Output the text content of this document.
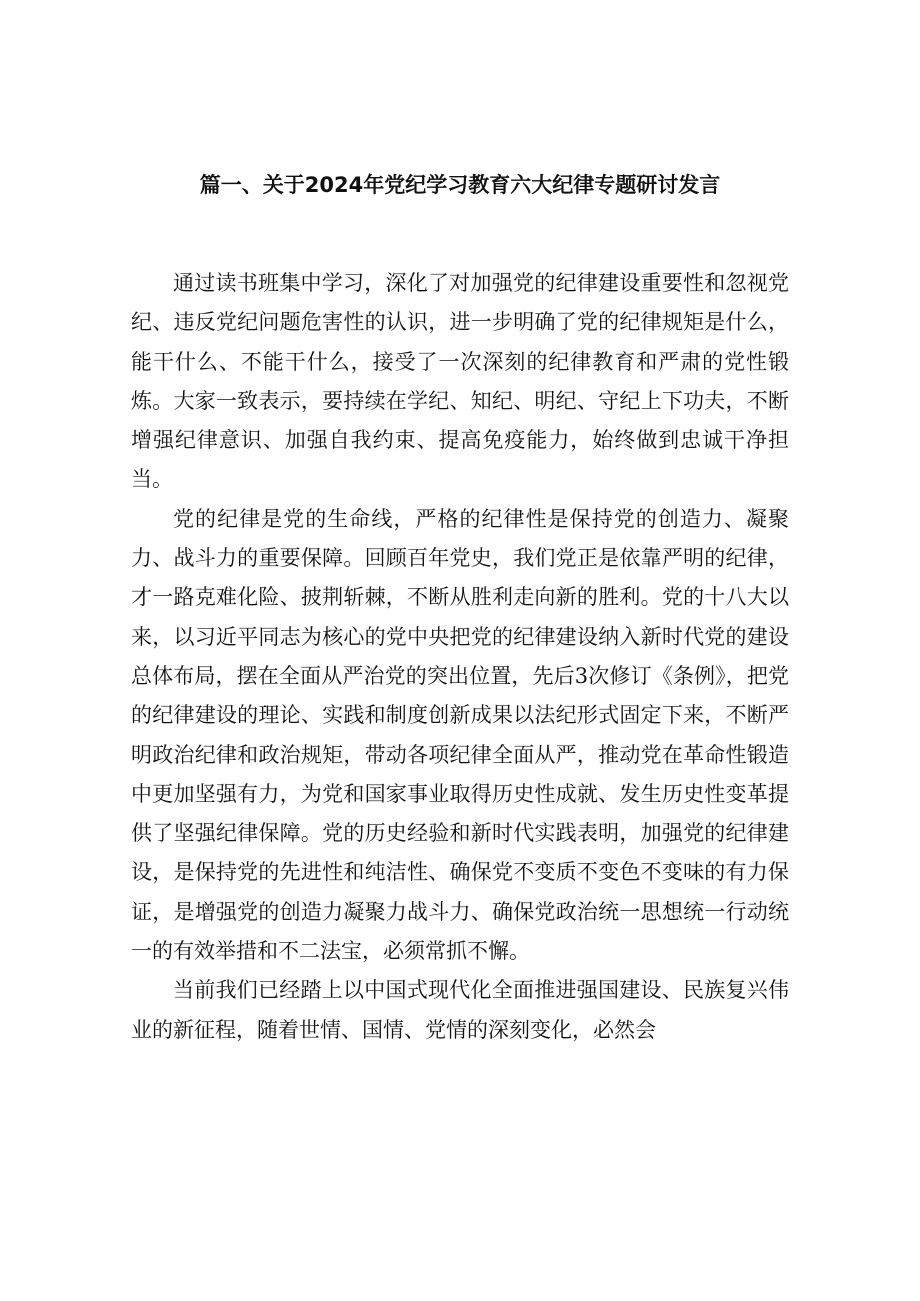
篇一、关于2024年党纪学习教育六大纪律专题研讨发言

通过读书班集中学习，深化了对加强党的纪律建设重要性和忽视党纪、违反党纪问题危害性的认识，进一步明确了党的纪律规矩是什么，能干什么、不能干什么，接受了一次深刻的纪律教育和严肃的党性锻炼。大家一致表示，要持续在学纪、知纪、明纪、守纪上下功夫，不断增强纪律意识、加强自我约束、提高免疫能力，始终做到忠诚干净担当。

党的纪律是党的生命线，严格的纪律性是保持党的创造力、凝聚力、战斗力的重要保障。回顾百年党史，我们党正是依靠严明的纪律，才一路克难化险、披荆斩棘，不断从胜利走向新的胜利。党的十八大以来，以习近平同志为核心的党中央把党的纪律建设纳入新时代党的建设总体布局，摆在全面从严治党的突出位置，先后3次修订《条例》，把党的纪律建设的理论、实践和制度创新成果以法纪形式固定下来，不断严明政治纪律和政治规矩，带动各项纪律全面从严，推动党在革命性锻造中更加坚强有力，为党和国家事业取得历史性成就、发生历史性变革提供了坚强纪律保障。党的历史经验和新时代实践表明，加强党的纪律建设，是保持党的先进性和纯洁性、确保党不变质不变色不变味的有力保证，是增强党的创造力凝聚力战斗力、确保党政治统一思想统一行动统一的有效举措和不二法宝，必须常抓不懈。

当前我们已经踏上以中国式现代化全面推进强国建设、民族复兴伟业的新征程，随着世情、国情、党情的深刻变化，必然会
